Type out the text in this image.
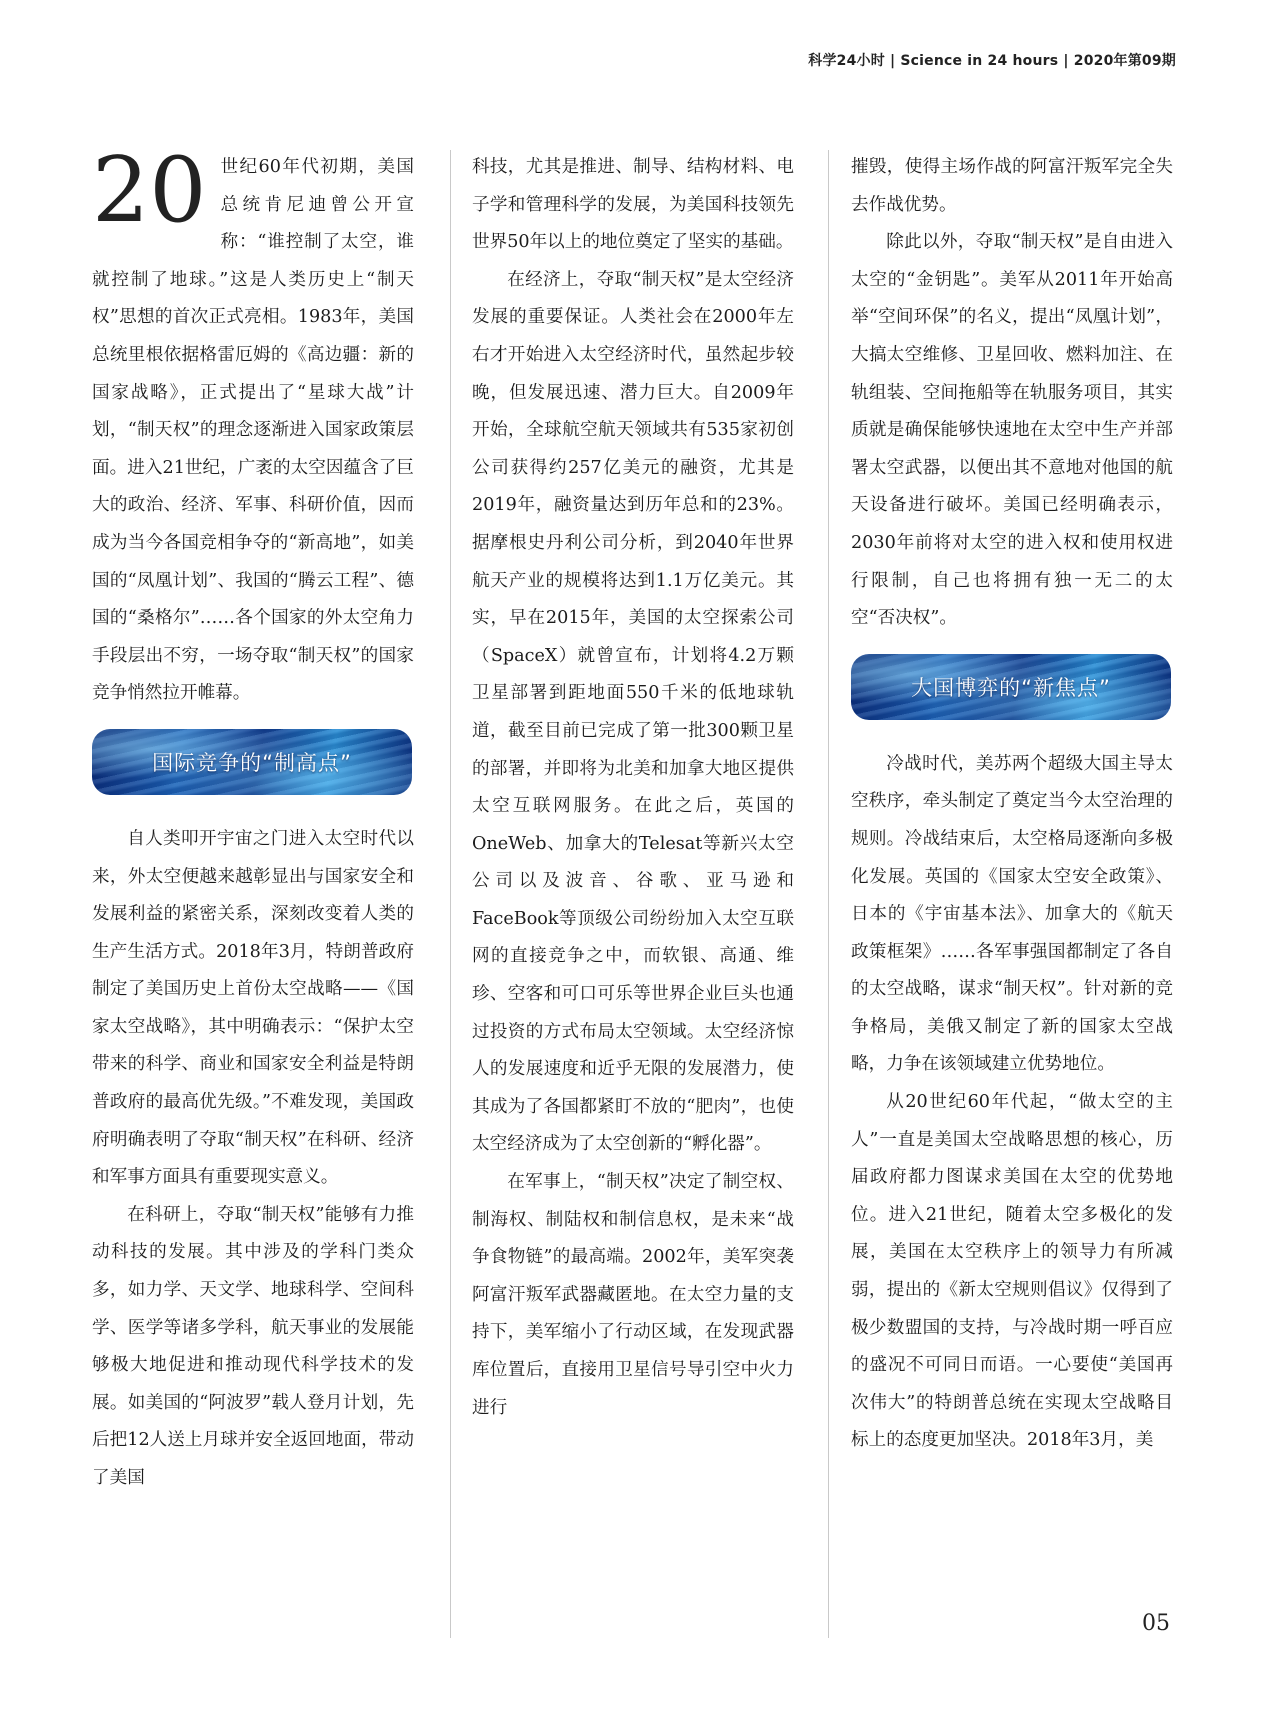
科学24小时 | Science in 24 hours | 2020年第09期

20 世纪60年代初期，美国总统肯尼迪曾公开宣称：“谁控制了太空，谁就控制了地球。”这是人类历史上“制天权”思想的首次正式亮相。1983年，美国总统里根依据格雷厄姆的《高边疆：新的国家战略》，正式提出了“星球大战”计划，“制天权”的理念逐渐进入国家政策层面。进入21世纪，广袤的太空因蕴含了巨大的政治、经济、军事、科研价值，因而成为当今各国竞相争夺的“新高地”，如美国的“凤凰计划”、我国的“腾云工程”、德国的“桑格尔”……各个国家的外太空角力手段层出不穷，一场夺取“制天权”的国家竞争悄然拉开帷幕。

国际竞争的“制高点”

自人类叩开宇宙之门进入太空时代以来，外太空便越来越彰显出与国家安全和发展利益的紧密关系，深刻改变着人类的生产生活方式。2018年3月，特朗普政府制定了美国历史上首份太空战略——《国家太空战略》，其中明确表示：“保护太空带来的科学、商业和国家安全利益是特朗普政府的最高优先级。”不难发现，美国政府明确表明了夺取“制天权”在科研、经济和军事方面具有重要现实意义。

在科研上，夺取“制天权”能够有力推动科技的发展。其中涉及的学科门类众多，如力学、天文学、地球科学、空间科学、医学等诸多学科，航天事业的发展能够极大地促进和推动现代科学技术的发展。如美国的“阿波罗”载人登月计划，先后把12人送上月球并安全返回地面，带动了美国

科技，尤其是推进、制导、结构材料、电子学和管理科学的发展，为美国科技领先世界50年以上的地位奠定了坚实的基础。

在经济上，夺取“制天权”是太空经济发展的重要保证。人类社会在2000年左右才开始进入太空经济时代，虽然起步较晚，但发展迅速、潜力巨大。自2009年开始，全球航空航天领域共有535家初创公司获得约257亿美元的融资，尤其是2019年，融资量达到历年总和的23%。据摩根史丹利公司分析，到2040年世界航天产业的规模将达到1.1万亿美元。其实，早在2015年，美国的太空探索公司（SpaceX）就曾宣布，计划将4.2万颗卫星部署到距地面550千米的低地球轨道，截至目前已完成了第一批300颗卫星的部署，并即将为北美和加拿大地区提供太空互联网服务。在此之后，英国的OneWeb、加拿大的Telesat等新兴太空公司以及波音、谷歌、亚马逊和FaceBook等顶级公司纷纷加入太空互联网的直接竞争之中，而软银、高通、维珍、空客和可口可乐等世界企业巨头也通过投资的方式布局太空领域。太空经济惊人的发展速度和近乎无限的发展潜力，使其成为了各国都紧盯不放的“肥肉”，也使太空经济成为了太空创新的“孵化器”。

在军事上，“制天权”决定了制空权、制海权、制陆权和制信息权，是未来“战争食物链”的最高端。2002年，美军突袭阿富汗叛军武器藏匿地。在太空力量的支持下，美军缩小了行动区域，在发现武器库位置后，直接用卫星信号导引空中火力进行

摧毁，使得主场作战的阿富汗叛军完全失去作战优势。

除此以外，夺取“制天权”是自由进入太空的“金钥匙”。美军从2011年开始高举“空间环保”的名义，提出“凤凰计划”，大搞太空维修、卫星回收、燃料加注、在轨组装、空间拖船等在轨服务项目，其实质就是确保能够快速地在太空中生产并部署太空武器，以便出其不意地对他国的航天设备进行破坏。美国已经明确表示，2030年前将对太空的进入权和使用权进行限制，自己也将拥有独一无二的太空“否决权”。

大国博弈的“新焦点”

冷战时代，美苏两个超级大国主导太空秩序，牵头制定了奠定当今太空治理的规则。冷战结束后，太空格局逐渐向多极化发展。英国的《国家太空安全政策》、日本的《宇宙基本法》、加拿大的《航天政策框架》……各军事强国都制定了各自的太空战略，谋求“制天权”。针对新的竞争格局，美俄又制定了新的国家太空战略，力争在该领域建立优势地位。

从20世纪60年代起，“做太空的主人”一直是美国太空战略思想的核心，历届政府都力图谋求美国在太空的优势地位。进入21世纪，随着太空多极化的发展，美国在太空秩序上的领导力有所减弱，提出的《新太空规则倡议》仅得到了极少数盟国的支持，与冷战时期一呼百应的盛况不可同日而语。一心要使“美国再次伟大”的特朗普总统在实现太空战略目标上的态度更加坚决。2018年3月，美

05
